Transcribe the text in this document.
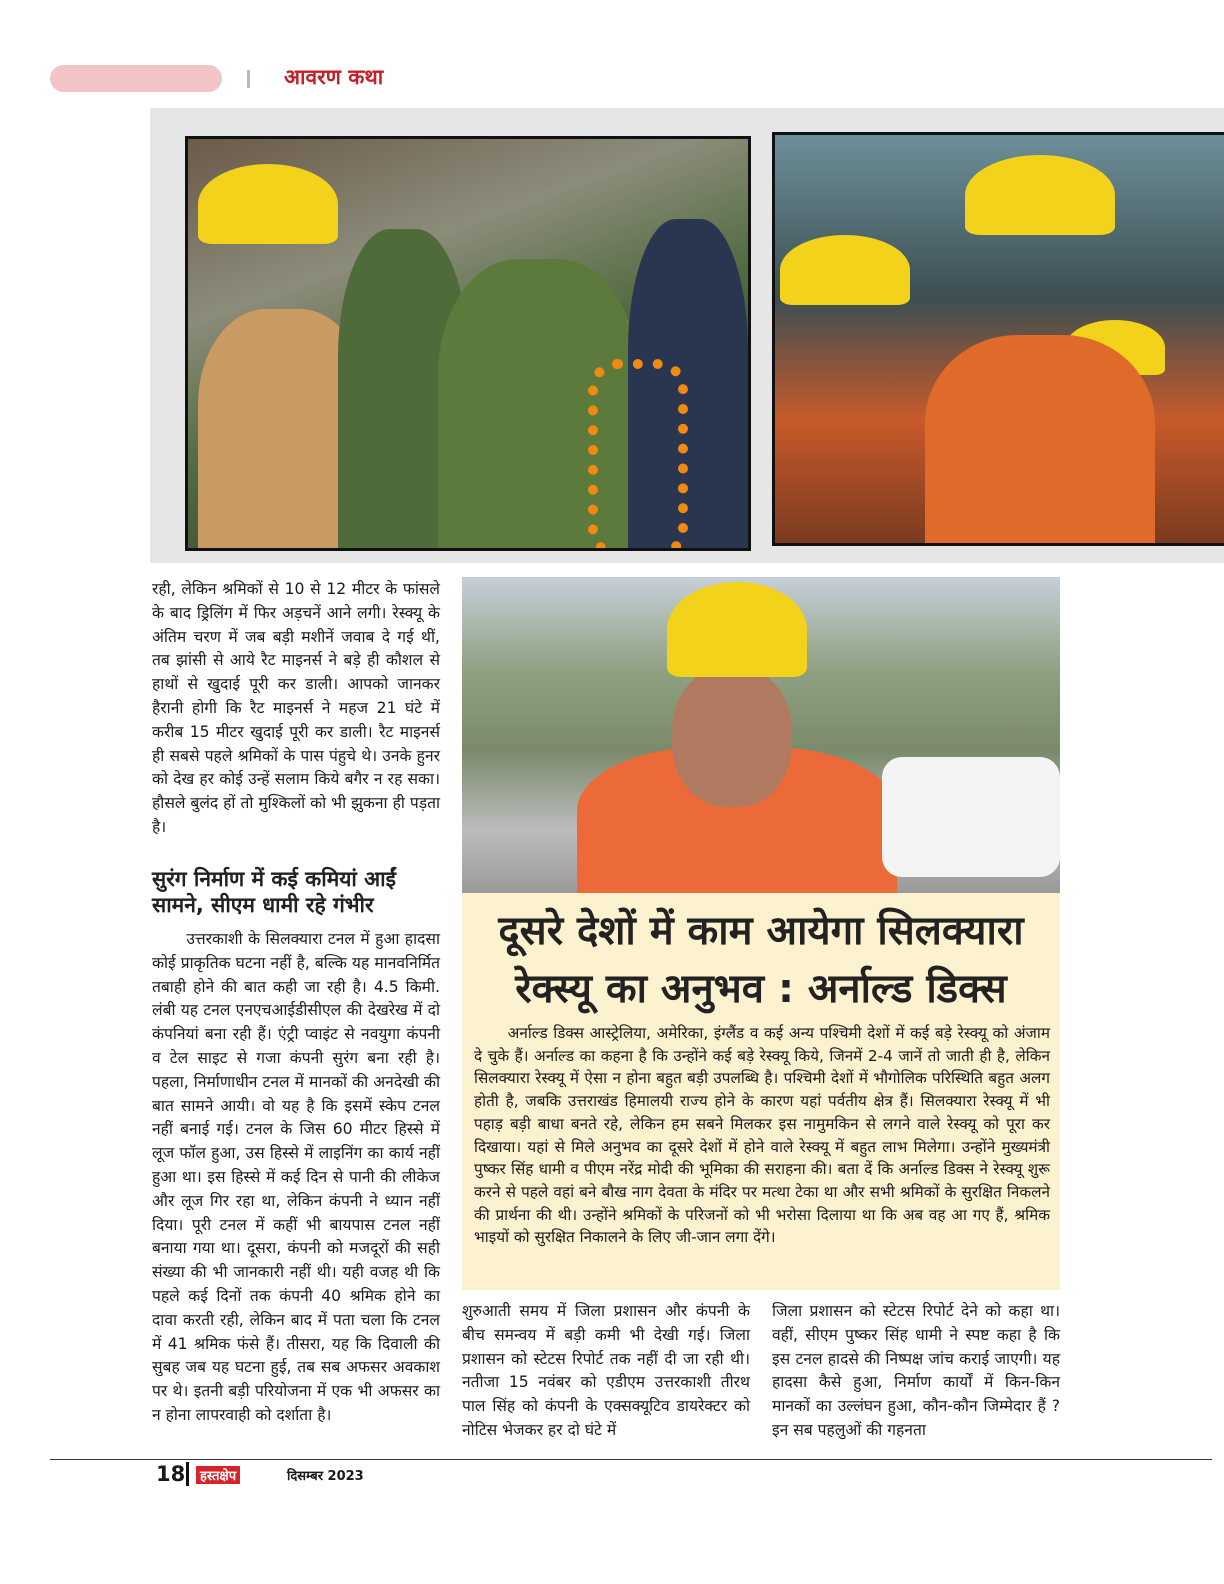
आवरण कथा

रही, लेकिन श्रमिकों से 10 से 12 मीटर के फांसले के बाद ड्रिलिंग में फिर अड़चनें आने लगी। रेस्क्यू के अंतिम चरण में जब बड़ी मशीनें जवाब दे गई थीं, तब झांसी से आये रैट माइनर्स ने बड़े ही कौशल से हाथों से खुदाई पूरी कर डाली। आपको जानकर हैरानी होगी कि रैट माइनर्स ने महज 21 घंटे में करीब 15 मीटर खुदाई पूरी कर डाली। रैट माइनर्स ही सबसे पहले श्रमिकों के पास पंहुचे थे। उनके हुनर को देख हर कोई उन्हें सलाम किये बगैर न रह सका। हौसले बुलंद हों तो मुश्किलों को भी झुकना ही पड़ता है।

सुरंग निर्माण में कई कमियां आईं सामने, सीएम धामी रहे गंभीर

उत्तरकाशी के सिलक्यारा टनल में हुआ हादसा कोई प्राकृतिक घटना नहीं है, बल्कि यह मानवनिर्मित तबाही होने की बात कही जा रही है। 4.5 किमी. लंबी यह टनल एनएचआईडीसीएल की देखरेख में दो कंपनियां बना रही हैं। एंट्री प्वाइंट से नवयुगा कंपनी व टेल साइट से गजा कंपनी सुरंग बना रही है। पहला, निर्माणाधीन टनल में मानकों की अनदेखी की बात सामने आयी। वो यह है कि इसमें स्केप टनल नहीं बनाई गई। टनल के जिस 60 मीटर हिस्से में लूज फॉल हुआ, उस हिस्से में लाइनिंग का कार्य नहीं हुआ था। इस हिस्से में कई दिन से पानी की लीकेज और लूज गिर रहा था, लेकिन कंपनी ने ध्यान नहीं दिया। पूरी टनल में कहीं भी बायपास टनल नहीं बनाया गया था। दूसरा, कंपनी को मजदूरों की सही संख्या की भी जानकारी नहीं थी। यही वजह थी कि पहले कई दिनों तक कंपनी 40 श्रमिक होने का दावा करती रही, लेकिन बाद में पता चला कि टनल में 41 श्रमिक फंसे हैं। तीसरा, यह कि दिवाली की सुबह जब यह घटना हुई, तब सब अफसर अवकाश पर थे। इतनी बड़ी परियोजना में एक भी अफसर का न होना लापरवाही को दर्शाता है।

दूसरे देशों में काम आयेगा सिलक्यारा
रेक्स्यू का अनुभव : अर्नाल्ड डिक्स

अर्नाल्ड डिक्स आस्ट्रेलिया, अमेरिका, इंग्लैंड व कई अन्य पश्चिमी देशों में कई बड़े रेस्क्यू को अंजाम दे चुके हैं। अर्नाल्ड का कहना है कि उन्होंने कई बड़े रेस्क्यू किये, जिनमें 2-4 जानें तो जाती ही है, लेकिन सिलक्यारा रेस्क्यू में ऐसा न होना बहुत बड़ी उपलब्धि है। पश्चिमी देशों में भौगोलिक परिस्थिति बहुत अलग होती है, जबकि उत्तराखंड हिमालयी राज्य होने के कारण यहां पर्वतीय क्षेत्र हैं। सिलक्यारा रेस्क्यू में भी पहाड़ बड़ी बाधा बनते रहे, लेकिन हम सबने मिलकर इस नामुमकिन से लगने वाले रेस्क्यू को पूरा कर दिखाया। यहां से मिले अनुभव का दूसरे देशों में होने वाले रेस्क्यू में बहुत लाभ मिलेगा। उन्होंने मुख्यमंत्री पुष्कर सिंह धामी व पीएम नरेंद्र मोदी की भूमिका की सराहना की। बता दें कि अर्नाल्ड डिक्स ने रेस्क्यू शुरू करने से पहले वहां बने बौख नाग देवता के मंदिर पर मत्था टेका था और सभी श्रमिकों के सुरक्षित निकलने की प्रार्थना की थी। उन्होंने श्रमिकों के परिजनों को भी भरोसा दिलाया था कि अब वह आ गए हैं, श्रमिक भाइयों को सुरक्षित निकालने के लिए जी-जान लगा देंगे।

शुरुआती समय में जिला प्रशासन और कंपनी के बीच समन्वय में बड़ी कमी भी देखी गई। जिला प्रशासन को स्टेटस रिपोर्ट तक नहीं दी जा रही थी। नतीजा 15 नवंबर को एडीएम उत्तरकाशी तीरथ पाल सिंह को कंपनी के एक्सक्यूटिव डायरेक्टर को नोटिस भेजकर हर दो घंटे में

जिला प्रशासन को स्टेटस रिपोर्ट देने को कहा था। वहीं, सीएम पुष्कर सिंह धामी ने स्पष्ट कहा है कि इस टनल हादसे की निष्पक्ष जांच कराई जाएगी। यह हादसा कैसे हुआ, निर्माण कार्यों में किन-किन मानकों का उल्लंघन हुआ, कौन-कौन जिम्मेदार हैं ? इन सब पहलुओं की गहनता

18	हस्तक्षेप	दिसम्बर 2023
